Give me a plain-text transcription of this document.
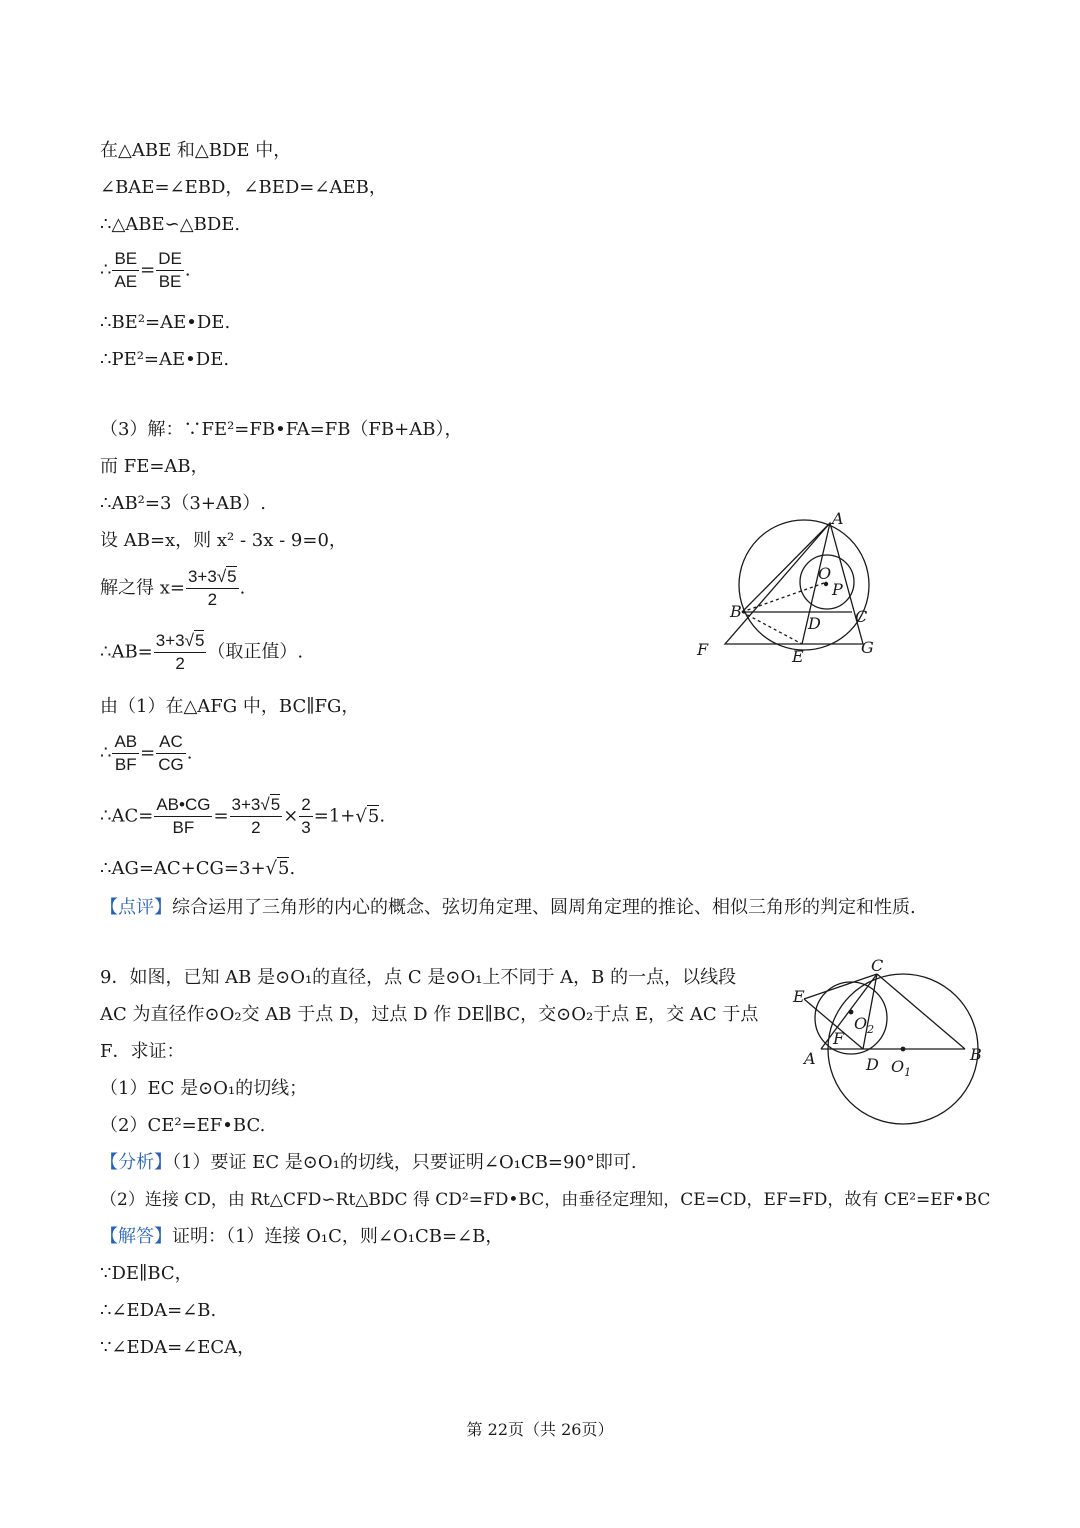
在△ABE 和△BDE 中，
∠BAE=∠EBD，∠BED=∠AEB，
∴△ABE∽△BDE.
∴ $\frac{BE}{AE} = \frac{DE}{BE}$ .
∴BE²=AE•DE.
∴PE²=AE•DE.
（3）解：∵FE²=FB•FA=FB（FB+AB），
而 FE=AB，
∴AB²=3（3+AB）.
设 AB=x，则 x² - 3x - 9=0，
解之得 $x= \frac{3+3√ 5}{2}$ .
∴AB= $\frac{3+3√ 5}{2}$ （取正值）.
由（1）在△AFG 中，BC∥FG，
∴ $\frac{AB}{BF} = \frac{AC}{CG}$ .
∴AC= $\frac{AB•CG}{BF} = \frac{3+3√ 5}{2} \times \frac{2}{3} =1+√$ 5.
∴AG=AC+CG=3+√ 5.
【点评】综合运用了三角形的内心的概念、弦切角定理、圆周角定理的推论、相似三角形的判定和性质.
9．如图，已知 AB 是⊙O₁的直径，点 C 是⊙O₁上不同于 A，B 的一点，以线段
AC 为直径作⊙O₂交 AB 于点 D，过点 D 作 DE∥BC，交⊙O₂于点 E，交 AC 于点
F．求证：
（1）EC 是⊙O₁的切线；
（2）CE²=EF•BC.
【分析】（1）要证 EC 是⊙O₁的切线，只要证明∠O₁CB=90°即可.
（2）连接 CD，由 Rt△CFD∽Rt△BDC 得 CD²=FD•BC，由垂径定理知，CE=CD，EF=FD，故有 CE²=EF•BC
【解答】证明：（1）连接 O₁C，则∠O₁CB=∠B，
∵DE∥BC，
∴∠EDA=∠B.
∵∠EDA=∠ECA，
A
O
P
B	C
D
F	E	G
C
E
$O_2$
F
A	D $O_1$
B
第 22页（共 26页）
